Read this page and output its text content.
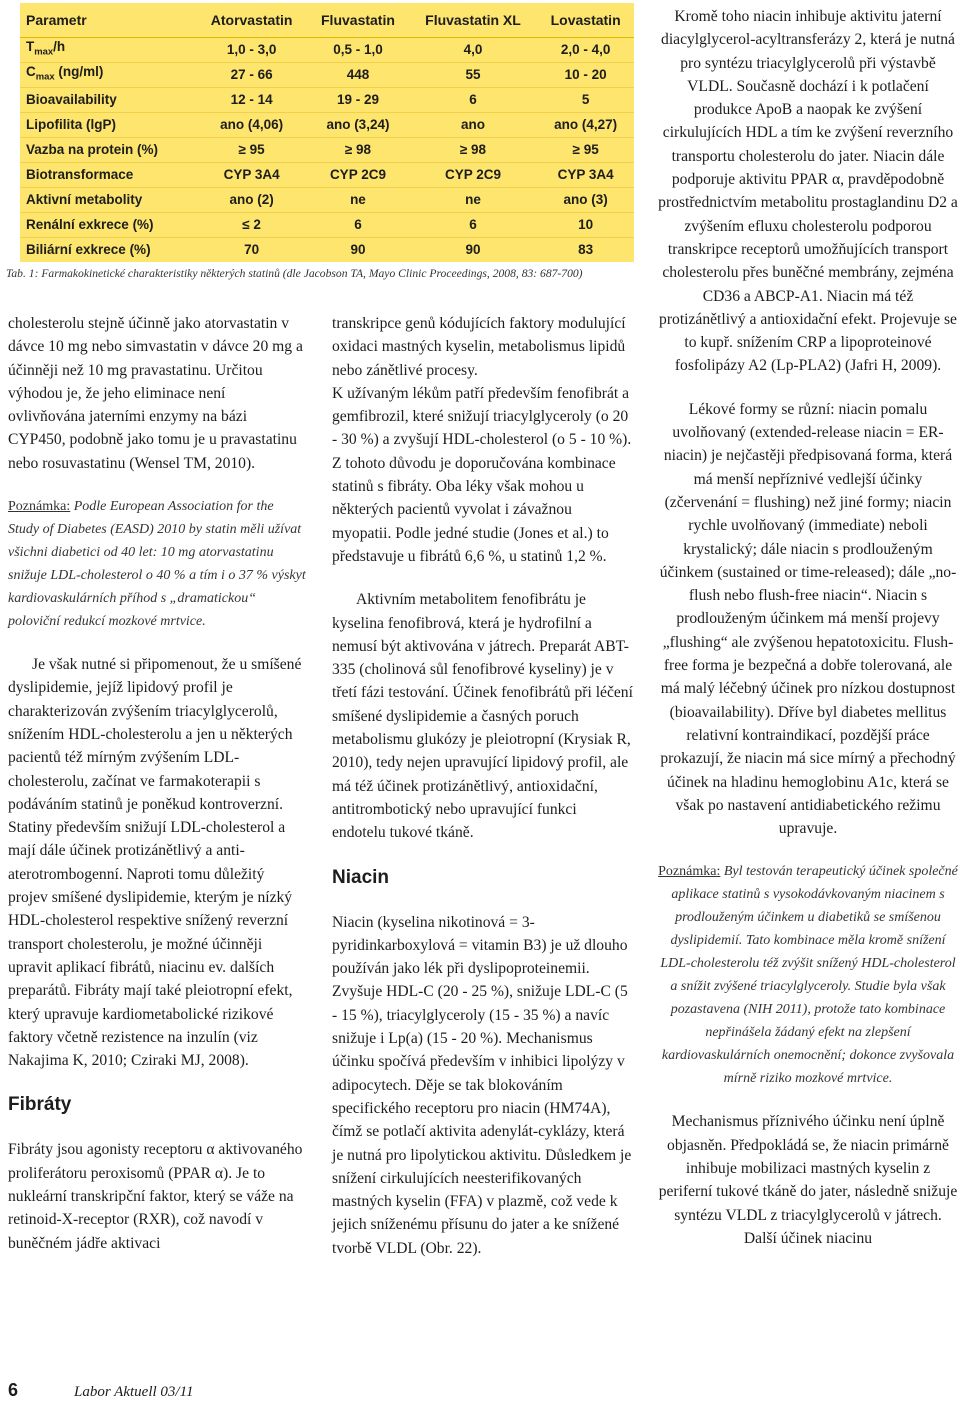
Parametr	Atorvastatin	Fluvastatin	Fluvastatin XL	Lovastatin
$T_{max}/h$	1,0 - 3,0	0,5 - 1,0	4,0	2,0 - 4,0
$C_{max}$ (ng/ml)	27 - 66	448	55	10 - 20
Bioavailability	12 - 14	19 - 29	6	5
Lipofilita (lgP)	ano (4,06)	ano (3,24)	ano	ano (4,27)
Vazba na protein (%)	≥ 95	≥ 98	≥ 98	≥ 95
Biotransformace	CYP 3A4	CYP 2C9	CYP 2C9	CYP 3A4
Aktivní metabolity	ano (2)	ne	ne	ano (3)
Renální exkrece (%)	≤ 2	6	6	10
Biliární exkrece (%)	70	90	90	83
Tab. 1: Farmakokinetické charakteristiky některých statinů (dle Jacobson TA, Mayo Clinic Proceedings, 2008, 83: 687-700)

cholesterolu stejně účinně jako atorvastatin v dávce 10 mg nebo simvastatin v dávce 20 mg a účinněji než 10 mg pravastatinu. Určitou výhodou je, že jeho eliminace není ovlivňována jaterními enzymy na bázi CYP450, podobně jako tomu je u pravastatinu nebo rosuvastatinu (Wensel TM, 2010).

Poznámka: Podle European Association for the Study of Diabetes (EASD) 2010 by statin měli užívat všichni diabetici od 40 let: 10 mg atorvastatinu snižuje LDL-cholesterol o 40 % a tím i o 37 % výskyt kardiovaskulárních příhod s „dramatickou“ poloviční redukcí mozkové mrtvice.

Je však nutné si připomenout, že u smíšené dyslipidemie, jejíž lipidový profil je charakterizován zvýšením triacylglycerolů, snížením HDL-cholesterolu a jen u některých pacientů též mírným zvýšením LDL-cholesterolu, začínat ve farmakoterapii s podáváním statinů je poněkud kontroverzní. Statiny především snižují LDL-cholesterol a mají dále účinek protizánětlivý a anti-aterotrombogenní. Naproti tomu důležitý projev smíšené dyslipidemie, kterým je nízký HDL-cholesterol respektive snížený reverzní transport cholesterolu, je možné účinněji upravit aplikací fibrátů, niacinu ev. dalších preparátů. Fibráty mají také pleiotropní efekt, který upravuje kardiometabolické rizikové faktory včetně rezistence na inzulín (viz Nakajima K, 2010; Cziraki MJ, 2008).

Fibráty

Fibráty jsou agonisty receptoru α aktivovaného proliferátoru peroxisomů (PPAR α). Je to nukleární transkripční faktor, který se váže na retinoid-X-receptor (RXR), což navodí v buněčném jádře aktivaci

transkripce genů kódujících faktory modulující oxidaci mastných kyselin, metabolismus lipidů nebo zánětlivé procesy.

K užívaným lékům patří především fenofibrát a gemfibrozil, které snižují triacylglyceroly (o 20 - 30 %) a zvyšují HDL-cholesterol (o 5 - 10 %). Z tohoto důvodu je doporučována kombinace statinů s fibráty. Oba léky však mohou u některých pacientů vyvolat i závažnou myopatii. Podle jedné studie (Jones et al.) to představuje u fibrátů 6,6 %, u statinů 1,2 %.

Aktivním metabolitem fenofibrátu je kyselina fenofibrová, která je hydrofilní a nemusí být aktivována v játrech. Preparát ABT-335 (cholinová sůl fenofibrové kyseliny) je v třetí fázi testování. Účinek fenofibrátů při léčení smíšené dyslipidemie a časných poruch metabolismu glukózy je pleiotropní (Krysiak R, 2010), tedy nejen upravující lipidový profil, ale má též účinek protizánětlivý, antioxidační, antitrombotický nebo upravující funkci endotelu tukové tkáně.

Niacin

Niacin (kyselina nikotinová = 3-pyridinkarboxylová = vitamin B3) je už dlouho používán jako lék při dyslipoproteinemii. Zvyšuje HDL-C (20 - 25 %), snižuje LDL-C (5 - 15 %), triacylglyceroly (15 - 35 %) a navíc snižuje i Lp(a) (15 - 20 %). Mechanismus účinku spočívá především v inhibici lipolýzy v adipocytech. Děje se tak blokováním specifického receptoru pro niacin (HM74A), čímž se potlačí aktivita adenylát-cyklázy, která je nutná pro lipolytickou aktivitu. Důsledkem je snížení cirkulujících neesterifikovaných mastných kyselin (FFA) v plazmě, což vede k jejich sníženému přísunu do jater a ke snížené tvorbě VLDL (Obr. 22).

Kromě toho niacin inhibuje aktivitu jaterní diacylglycerol-acyltransferázy 2, která je nutná pro syntézu triacylglycerolů při výstavbě VLDL. Současně dochází i k potlačení produkce ApoB a naopak ke zvýšení cirkulujících HDL a tím ke zvýšení reverzního transportu cholesterolu do jater. Niacin dále podporuje aktivitu PPAR α, pravděpodobně prostřednictvím metabolitu prostaglandinu D2 a zvýšením efluxu cholesterolu podporou transkripce receptorů umožňujících transport cholesterolu přes buněčné membrány, zejména CD36 a ABCP-A1. Niacin má též protizánětlivý a antioxidační efekt. Projevuje se to kupř. snížením CRP a lipoproteinové fosfolipázy A2 (Lp-PLA2) (Jafri H, 2009).

Lékové formy se různí: niacin pomalu uvolňovaný (extended-release niacin = ER-niacin) je nejčastěji předpisovaná forma, která má menší nepříznivé vedlejší účinky (zčervenání = flushing) než jiné formy; niacin rychle uvolňovaný (immediate) neboli krystalický; dále niacin s prodlouženým účinkem (sustained or time-released); dále „no-flush nebo flush-free niacin“. Niacin s prodlouženým účinkem má menší projevy „flushing“ ale zvýšenou hepatotoxicitu. Flush-free forma je bezpečná a dobře tolerovaná, ale má malý léčebný účinek pro nízkou dostupnost (bioavailability). Dříve byl diabetes mellitus relativní kontraindikací, pozdější práce prokazují, že niacin má sice mírný a přechodný účinek na hladinu hemoglobinu A1c, která se však po nastavení antidiabetického režimu upravuje.

Poznámka: Byl testován terapeutický účinek společné aplikace statinů s vysokodávkovaným niacinem s prodlouženým účinkem u diabetiků se smíšenou dyslipidemií. Tato kombinace měla kromě snížení LDL-cholesterolu též zvýšit snížený HDL-cholesterol a snížit zvýšené triacylglyceroly. Studie byla však pozastavena (NIH 2011), protože tato kombinace nepřinášela žádaný efekt na zlepšení kardiovaskulárních onemocnění; dokonce zvyšovala mírně riziko mozkové mrtvice.

Mechanismus příznivého účinku není úplně objasněn. Předpokládá se, že niacin primárně inhibuje mobilizaci mastných kyselin z periferní tukové tkáně do jater, následně snižuje syntézu VLDL z triacylglycerolů v játrech. Další účinek niacinu

6	Labor Aktuell 03/11
